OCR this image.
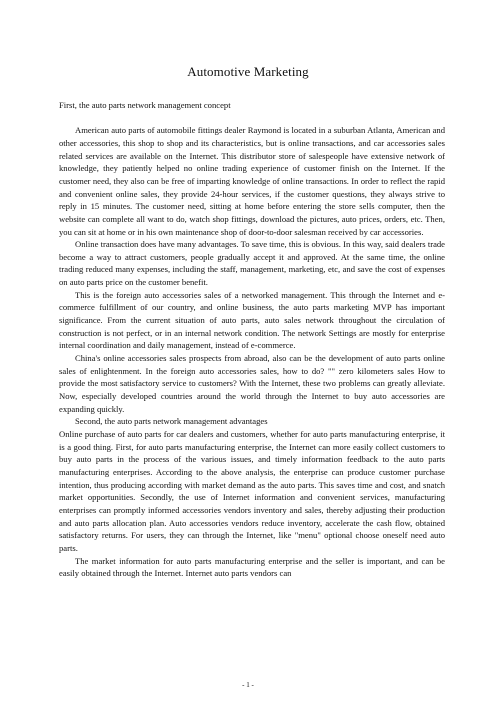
Automotive Marketing

First, the auto parts network management concept

American auto parts of automobile fittings dealer Raymond is located in a suburban Atlanta, American and other accessories, this shop to shop and its characteristics, but is online transactions, and car accessories sales related services are available on the Internet. This distributor store of salespeople have extensive network of knowledge, they patiently helped no online trading experience of customer finish on the Internet. If the customer need, they also can be free of imparting knowledge of online transactions. In order to reflect the rapid and convenient online sales, they provide 24-hour services, if the customer questions, they always strive to reply in 15 minutes. The customer need, sitting at home before entering the store sells computer, then the website can complete all want to do, watch shop fittings, download the pictures, auto prices, orders, etc. Then, you can sit at home or in his own maintenance shop of door-to-door salesman received by car accessories.

Online transaction does have many advantages. To save time, this is obvious. In this way, said dealers trade become a way to attract customers, people gradually accept it and approved. At the same time, the online trading reduced many expenses, including the staff, management, marketing, etc, and save the cost of expenses on auto parts price on the customer benefit.

This is the foreign auto accessories sales of a networked management. This through the Internet and e-commerce fulfillment of our country, and online business, the auto parts marketing MVP has important significance. From the current situation of auto parts, auto sales network throughout the circulation of construction is not perfect, or in an internal network condition. The network Settings are mostly for enterprise internal coordination and daily management, instead of e-commerce.

China's online accessories sales prospects from abroad, also can be the development of auto parts online sales of enlightenment. In the foreign auto accessories sales, how to do? "" zero kilometers sales How to provide the most satisfactory service to customers? With the Internet, these two problems can greatly alleviate. Now, especially developed countries around the world through the Internet to buy auto accessories are expanding quickly.

Second, the auto parts network management advantages

Online purchase of auto parts for car dealers and customers, whether for auto parts manufacturing enterprise, it is a good thing. First, for auto parts manufacturing enterprise, the Internet can more easily collect customers to buy auto parts in the process of the various issues, and timely information feedback to the auto parts manufacturing enterprises. According to the above analysis, the enterprise can produce customer purchase intention, thus producing according with market demand as the auto parts. This saves time and cost, and snatch market opportunities. Secondly, the use of Internet information and convenient services, manufacturing enterprises can promptly informed accessories vendors inventory and sales, thereby adjusting their production and auto parts allocation plan. Auto accessories vendors reduce inventory, accelerate the cash flow, obtained satisfactory returns. For users, they can through the Internet, like "menu" optional choose oneself need auto parts.

The market information for auto parts manufacturing enterprise and the seller is important, and can be easily obtained through the Internet. Internet auto parts vendors can

- 1 -
